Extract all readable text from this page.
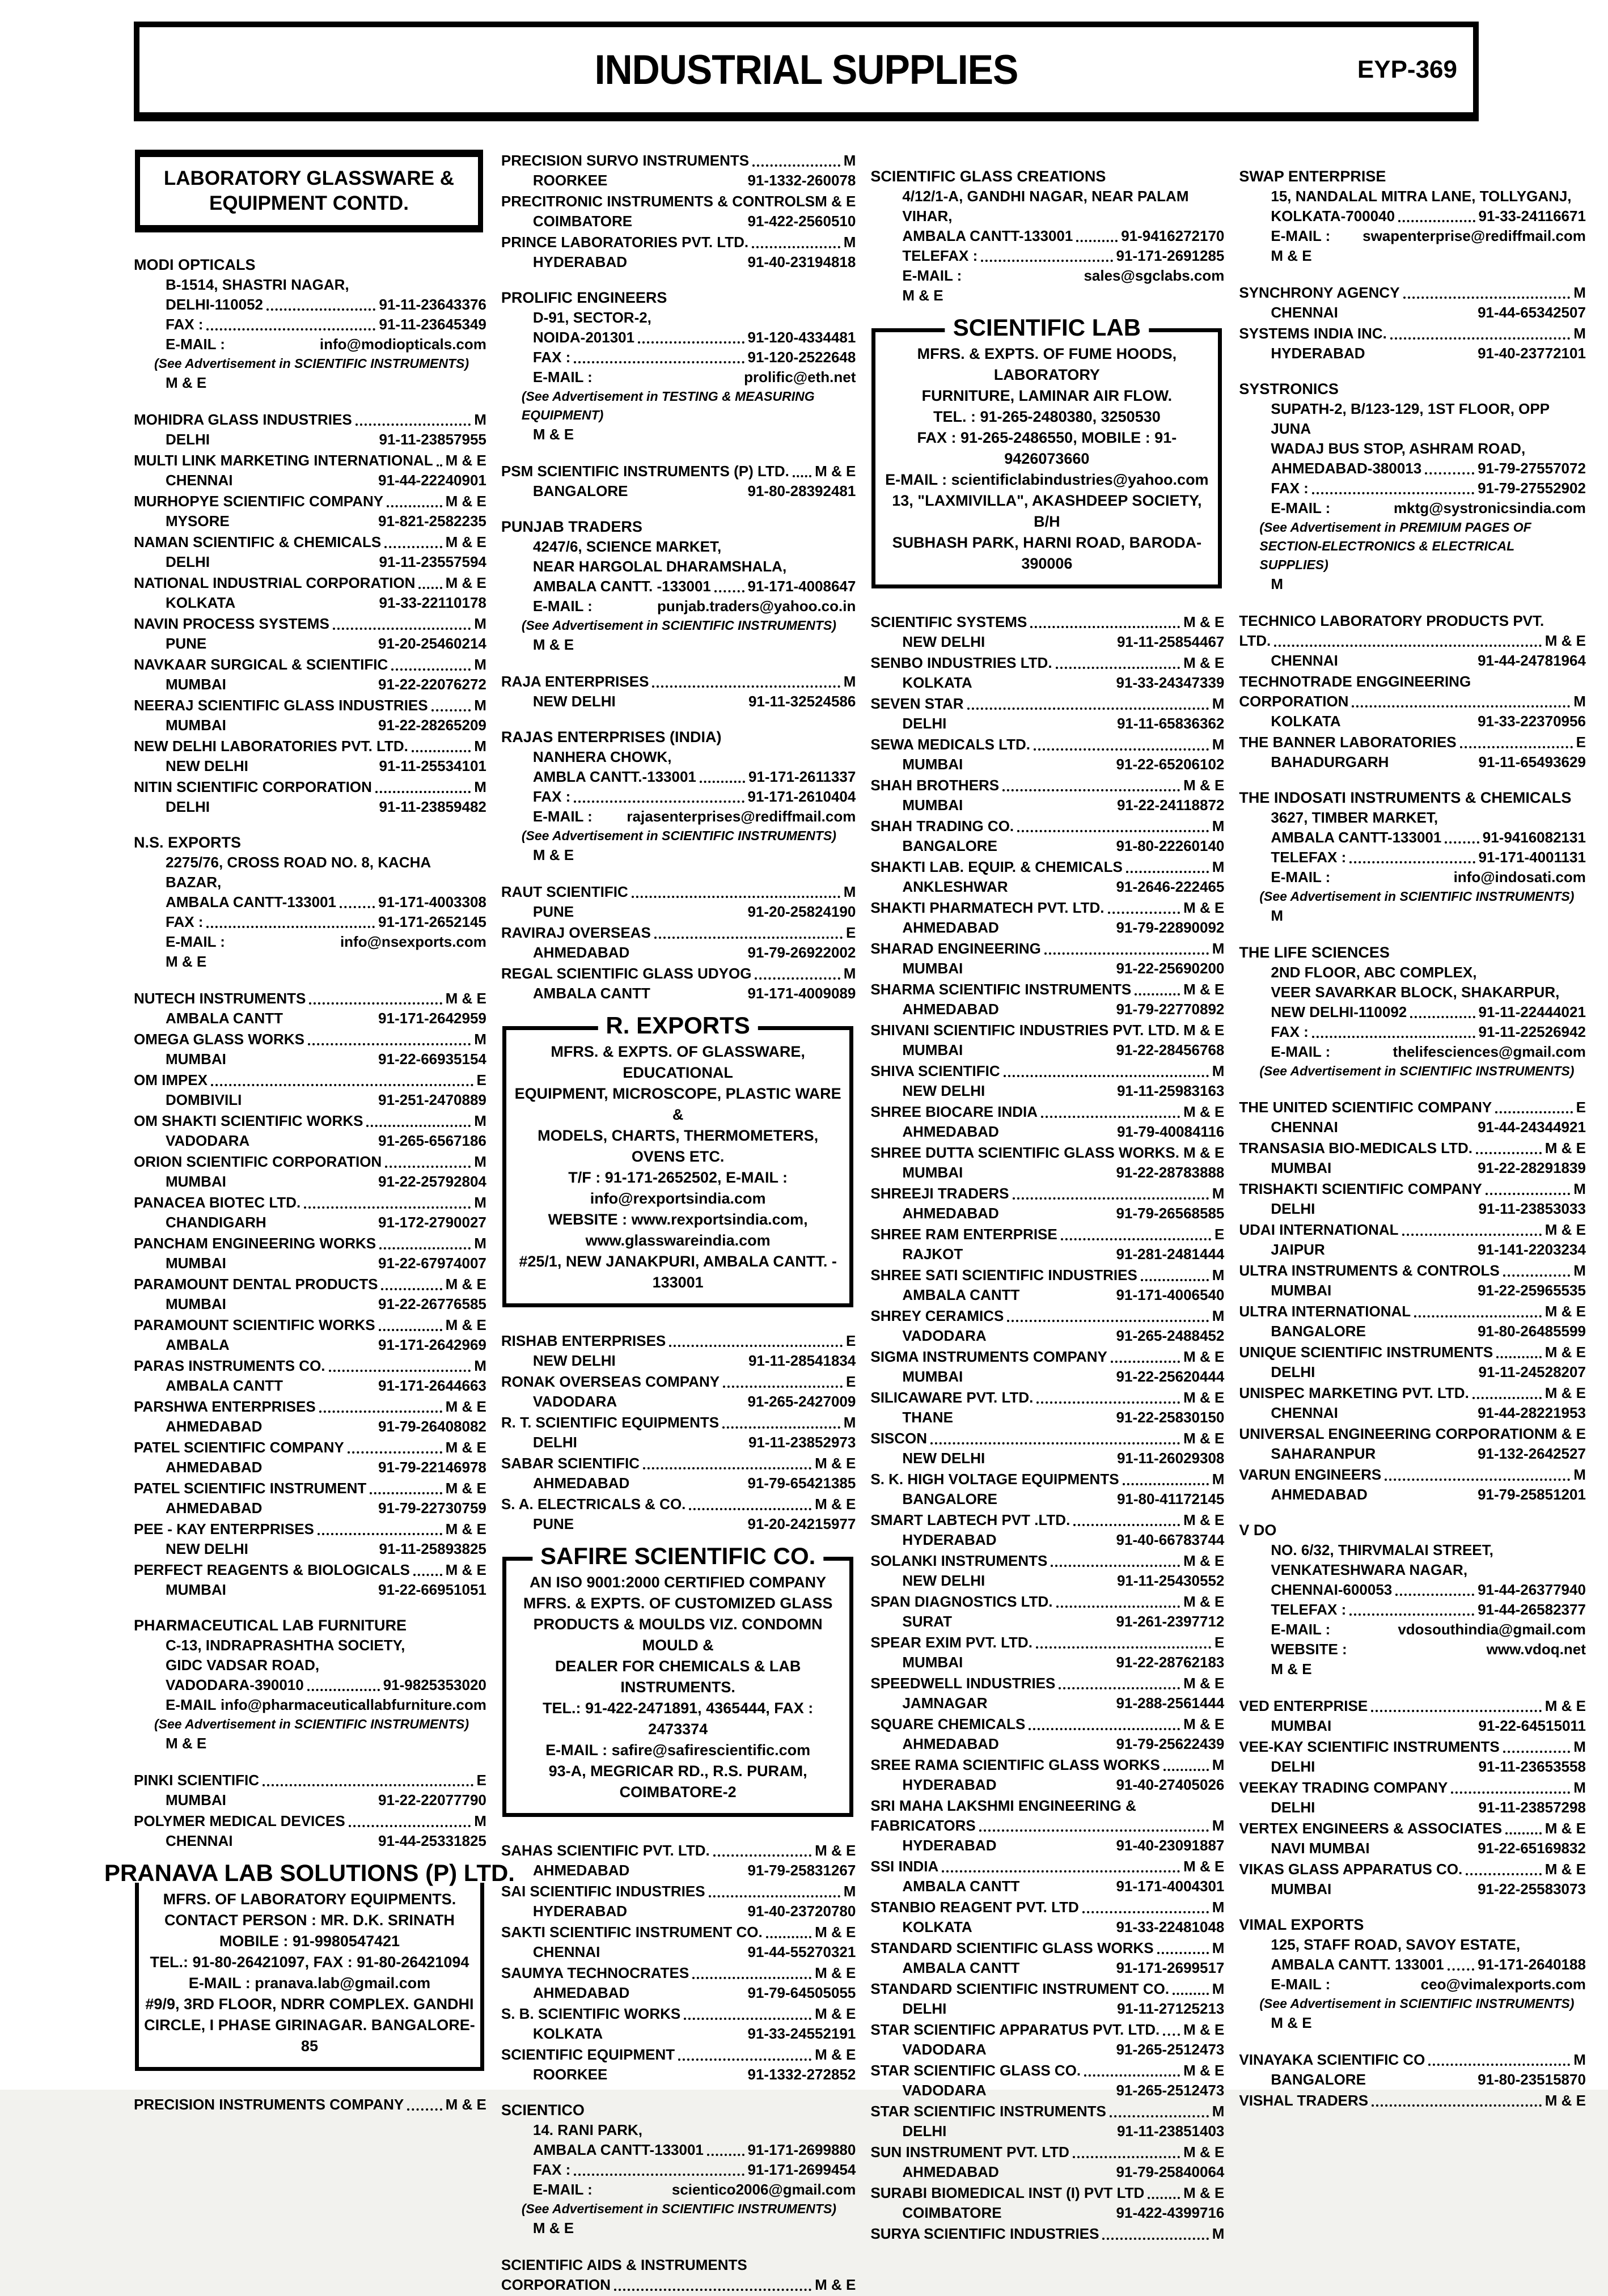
INDUSTRIAL SUPPLIES	EYP-369
LABORATORY GLASSWARE &
EQUIPMENT CONTD.
MODI OPTICALS
B-1514, SHASTRI NAGAR,
DELHI-110052	91-11-23643376
FAX :	91-11-23645349
E-MAIL :	info@modiopticals.com
(See Advertisement in SCIENTIFIC INSTRUMENTS)
M & E
MOHIDRA GLASS INDUSTRIES	M
DELHI	91-11-23857955
MULTI LINK MARKETING INTERNATIONAL M & E
CHENNAI	91-44-22240901
MURHOPYE SCIENTIFIC COMPANY	M & E
MYSORE	91-821-2582235
NAMAN SCIENTIFIC & CHEMICALS	M & E
DELHI	91-11-23557594
NATIONAL INDUSTRIAL CORPORATION M & E
KOLKATA	91-33-22110178
NAVIN PROCESS SYSTEMS	M
PUNE	91-20-25460214
NAVKAAR SURGICAL & SCIENTIFIC	M
MUMBAI	91-22-22076272
NEERAJ SCIENTIFIC GLASS INDUSTRIES	M
MUMBAI	91-22-28265209
NEW DELHI LABORATORIES PVT. LTD.	M
NEW DELHI	91-11-25534101
NITIN SCIENTIFIC CORPORATION	M
DELHI	91-11-23859482
N.S. EXPORTS
2275/76, CROSS ROAD NO. 8, KACHA BAZAR,
AMBALA CANTT-133001	91-171-4003308
FAX :	91-171-2652145
E-MAIL :	info@nsexports.com
M & E
NUTECH INSTRUMENTS	M & E
AMBALA CANTT	91-171-2642959
OMEGA GLASS WORKS	M
MUMBAI	91-22-66935154
OM IMPEX	E
DOMBIVILI	91-251-2470889
OM SHAKTI SCIENTIFIC WORKS	M
VADODARA	91-265-6567186
ORION SCIENTIFIC CORPORATION	M
MUMBAI	91-22-25792804
PANACEA BIOTEC LTD.	M
CHANDIGARH	91-172-2790027
PANCHAM ENGINEERING WORKS	M
MUMBAI	91-22-67974007
PARAMOUNT DENTAL PRODUCTS	M & E
MUMBAI	91-22-26776585
PARAMOUNT SCIENTIFIC WORKS	M & E
AMBALA	91-171-2642969
PARAS INSTRUMENTS CO.	M
AMBALA CANTT	91-171-2644663
PARSHWA ENTERPRISES	M & E
AHMEDABAD	91-79-26408082
PATEL SCIENTIFIC COMPANY	M & E
AHMEDABAD	91-79-22146978
PATEL SCIENTIFIC INSTRUMENT	M & E
AHMEDABAD	91-79-22730759
PEE - KAY ENTERPRISES	M & E
NEW DELHI	91-11-25893825
PERFECT REAGENTS & BIOLOGICALS M & E
MUMBAI	91-22-66951051
PHARMACEUTICAL LAB FURNITURE
C-13, INDRAPRASHTHA SOCIETY,
GIDC VADSAR ROAD,
VADODARA-390010	91-9825353020
E-MAIL info@pharmaceuticallabfurniture.com
(See Advertisement in SCIENTIFIC INSTRUMENTS)
M & E
PINKI SCIENTIFIC	E
MUMBAI	91-22-22077790
POLYMER MEDICAL DEVICES	M
CHENNAI	91-44-25331825
PRANAVA LAB SOLUTIONS (P) LTD.
MFRS. OF LABORATORY EQUIPMENTS.
CONTACT PERSON : MR. D.K. SRINATH
MOBILE : 91-9980547421
TEL.: 91-80-26421097, FAX : 91-80-26421094
E-MAIL : pranava.lab@gmail.com
#9/9, 3RD FLOOR, NDRR COMPLEX. GANDHI
CIRCLE, I PHASE GIRINAGAR. BANGALORE-85
PRECISION INSTRUMENTS COMPANY	M & E
PRECISION SURVO INSTRUMENTS	M
ROORKEE	91-1332-260078
PRECITRONIC INSTRUMENTS & CONTROLS M & E
COIMBATORE	91-422-2560510
PRINCE LABORATORIES PVT. LTD.	M
HYDERABAD	91-40-23194818
PROLIFIC ENGINEERS
D-91, SECTOR-2,
NOIDA-201301	91-120-4334481
FAX :	91-120-2522648
E-MAIL :	prolific@eth.net
(See Advertisement in TESTING & MEASURING EQUIPMENT)
M & E
PSM SCIENTIFIC INSTRUMENTS (P) LTD. M & E
BANGALORE	91-80-28392481
PUNJAB TRADERS
4247/6, SCIENCE MARKET,
NEAR HARGOLAL DHARAMSHALA,
AMBALA CANTT. -133001 91-171-4008647
E-MAIL :	punjab.traders@yahoo.co.in
(See Advertisement in SCIENTIFIC INSTRUMENTS)
M & E
RAJA ENTERPRISES	M
NEW DELHI	91-11-32524586
RAJAS ENTERPRISES (INDIA)
NANHERA CHOWK,
AMBLA CANTT.-133001	91-171-2611337
FAX :	91-171-2610404
E-MAIL : rajasenterprises@rediffmail.com
(See Advertisement in SCIENTIFIC INSTRUMENTS)
M & E
RAUT SCIENTIFIC	M
PUNE	91-20-25824190
RAVIRAJ OVERSEAS	E
AHMEDABAD	91-79-26922002
REGAL SCIENTIFIC GLASS UDYOG	M
AMBALA CANTT	91-171-4009089
R. EXPORTS
MFRS. & EXPTS. OF GLASSWARE, EDUCATIONAL
EQUIPMENT, MICROSCOPE, PLASTIC WARE &
MODELS, CHARTS, THERMOMETERS, OVENS ETC.
T/F : 91-171-2652502, E-MAIL : info@rexportsindia.com
WEBSITE : www.rexportsindia.com,
www.glasswareindia.com
#25/1, NEW JANAKPURI, AMBALA CANTT. - 133001
RISHAB ENTERPRISES	E
NEW DELHI	91-11-28541834
RONAK OVERSEAS COMPANY	E
VADODARA	91-265-2427009
R. T. SCIENTIFIC EQUIPMENTS	M
DELHI	91-11-23852973
SABAR SCIENTIFIC	M & E
AHMEDABAD	91-79-65421385
S. A. ELECTRICALS & CO.	M & E
PUNE	91-20-24215977
SAFIRE SCIENTIFIC CO.
AN ISO 9001:2000 CERTIFIED COMPANY
MFRS. & EXPTS. OF CUSTOMIZED GLASS
PRODUCTS & MOULDS VIZ. CONDOMN MOULD &
DEALER FOR CHEMICALS & LAB INSTRUMENTS.
TEL.: 91-422-2471891, 4365444, FAX : 2473374
E-MAIL : safire@safirescientific.com
93-A, MEGRICAR RD., R.S. PURAM, COIMBATORE-2
SAHAS SCIENTIFIC PVT. LTD.	M & E
AHMEDABAD	91-79-25831267
SAI SCIENTIFIC INDUSTRIES	M
HYDERABAD	91-40-23720780
SAKTI SCIENTIFIC INSTRUMENT CO.	M & E
CHENNAI	91-44-55270321
SAUMYA TECHNOCRATES	M & E
AHMEDABAD	91-79-64505055
S. B. SCIENTIFIC WORKS	M & E
KOLKATA	91-33-24552191
SCIENTIFIC EQUIPMENT	M & E
ROORKEE	91-1332-272852
SCIENTICO
14. RANI PARK,
AMBALA CANTT-133001	91-171-2699880
FAX :	91-171-2699454
E-MAIL :	scientico2006@gmail.com
(See Advertisement in SCIENTIFIC INSTRUMENTS)
M & E
SCIENTIFIC AIDS & INSTRUMENTS
CORPORATION	M & E
SCIENTIFIC GLASS CREATIONS
4/12/1-A, GANDHI NAGAR, NEAR PALAM VIHAR,
AMBALA CANTT-133001	91-9416272170
TELEFAX :	91-171-2691285
E-MAIL :	sales@sgclabs.com
M & E
SCIENTIFIC LAB
MFRS. & EXPTS. OF FUME HOODS, LABORATORY
FURNITURE, LAMINAR AIR FLOW.
TEL. : 91-265-2480380, 3250530
FAX : 91-265-2486550, MOBILE : 91-9426073660
E-MAIL : scientificlabindustries@yahoo.com
13, "LAXMIVILLA", AKASHDEEP SOCIETY, B/H
SUBHASH PARK, HARNI ROAD, BARODA-390006
SCIENTIFIC SYSTEMS	M & E
NEW DELHI	91-11-25854467
SENBO INDUSTRIES LTD.	M & E
KOLKATA	91-33-24347339
SEVEN STAR	M
DELHI	91-11-65836362
SEWA MEDICALS LTD.	M
MUMBAI	91-22-65206102
SHAH BROTHERS	M & E
MUMBAI	91-22-24118872
SHAH TRADING CO.	M
BANGALORE	91-80-22260140
SHAKTI LAB. EQUIP. & CHEMICALS	M
ANKLESHWAR	91-2646-222465
SHAKTI PHARMATECH PVT. LTD.	M & E
AHMEDABAD	91-79-22890092
SHARAD ENGINEERING	M
MUMBAI	91-22-25690200
SHARMA SCIENTIFIC INSTRUMENTS	M & E
AHMEDABAD	91-79-22770892
SHIVANI SCIENTIFIC INDUSTRIES PVT. LTD. M & E
MUMBAI	91-22-28456768
SHIVA SCIENTIFIC	M
NEW DELHI	91-11-25983163
SHREE BIOCARE INDIA	M & E
AHMEDABAD	91-79-40084116
SHREE DUTTA SCIENTIFIC GLASS WORKS . M & E
MUMBAI	91-22-28783888
SHREEJI TRADERS	M
AHMEDABAD	91-79-26568585
SHREE RAM ENTERPRISE	E
RAJKOT	91-281-2481444
SHREE SATI SCIENTIFIC INDUSTRIES	M
AMBALA CANTT	91-171-4006540
SHREY CERAMICS	M
VADODARA	91-265-2488452
SIGMA INSTRUMENTS COMPANY	M & E
MUMBAI	91-22-25620444
SILICAWARE PVT. LTD.	M & E
THANE	91-22-25830150
SISCON	M & E
NEW DELHI	91-11-26029308
S. K. HIGH VOLTAGE EQUIPMENTS	M
BANGALORE	91-80-41172145
SMART LABTECH PVT .LTD.	M & E
HYDERABAD	91-40-66783744
SOLANKI INSTRUMENTS	M & E
NEW DELHI	91-11-25430552
SPAN DIAGNOSTICS LTD.	M & E
SURAT	91-261-2397712
SPEAR EXIM PVT. LTD.	E
MUMBAI	91-22-28762183
SPEEDWELL INDUSTRIES	M & E
JAMNAGAR	91-288-2561444
SQUARE CHEMICALS	M & E
AHMEDABAD	91-79-25622439
SREE RAMA SCIENTIFIC GLASS WORKS	M
HYDERABAD	91-40-27405026
SRI MAHA LAKSHMI ENGINEERING &
FABRICATORS	M
HYDERABAD	91-40-23091887
SSI INDIA	M & E
AMBALA CANTT	91-171-4004301
STANBIO REAGENT PVT. LTD	M
KOLKATA	91-33-22481048
STANDARD SCIENTIFIC GLASS WORKS	M
AMBALA CANTT	91-171-2699517
STANDARD SCIENTIFIC INSTRUMENT CO.	M
DELHI	91-11-27125213
STAR SCIENTIFIC APPARATUS PVT. LTD. M & E
VADODARA	91-265-2512473
STAR SCIENTIFIC GLASS CO.	M & E
VADODARA	91-265-2512473
STAR SCIENTIFIC INSTRUMENTS	M
DELHI	91-11-23851403
SUN INSTRUMENT PVT. LTD	M & E
AHMEDABAD	91-79-25840064
SURABI BIOMEDICAL INST (I) PVT LTD	M & E
COIMBATORE	91-422-4399716
SURYA SCIENTIFIC INDUSTRIES	M
SWAP ENTERPRISE
15, NANDALAL MITRA LANE, TOLLYGANJ,
KOLKATA-700040	91-33-24116671
E-MAIL : swapenterprise@rediffmail.com
M & E
SYNCHRONY AGENCY	M
CHENNAI	91-44-65342507
SYSTEMS INDIA INC.	M
HYDERABAD	91-40-23772101
SYSTRONICS
SUPATH-2, B/123-129, 1ST FLOOR, OPP JUNA
WADAJ BUS STOP, ASHRAM ROAD,
AHMEDABAD-380013	91-79-27557072
FAX :	91-79-27552902
E-MAIL :	mktg@systronicsindia.com
(See Advertisement in PREMIUM PAGES OF SECTION-ELECTRONICS & ELECTRICAL SUPPLIES)
M
TECHNICO LABORATORY PRODUCTS PVT.
LTD.	M & E
CHENNAI	91-44-24781964
TECHNOTRADE ENGGINEERING
CORPORATION	M
KOLKATA	91-33-22370956
THE BANNER LABORATORIES	E
BAHADURGARH	91-11-65493629
THE INDOSATI INSTRUMENTS & CHEMICALS
3627, TIMBER MARKET,
AMBALA CANTT-133001	91-9416082131
TELEFAX :	91-171-4001131
E-MAIL :	info@indosati.com
(See Advertisement in SCIENTIFIC INSTRUMENTS)
M
THE LIFE SCIENCES
2ND FLOOR, ABC COMPLEX,
VEER SAVARKAR BLOCK, SHAKARPUR,
NEW DELHI-110092	91-11-22444021
FAX :	91-11-22526942
E-MAIL :	thelifesciences@gmail.com
(See Advertisement in SCIENTIFIC INSTRUMENTS)
THE UNITED SCIENTIFIC COMPANY	E
CHENNAI	91-44-24344921
TRANSASIA BIO-MEDICALS LTD.	M & E
MUMBAI	91-22-28291839
TRISHAKTI SCIENTIFIC COMPANY	M
DELHI	91-11-23853033
UDAI INTERNATIONAL	M & E
JAIPUR	91-141-2203234
ULTRA INSTRUMENTS & CONTROLS	M
MUMBAI	91-22-25965535
ULTRA INTERNATIONAL	M & E
BANGALORE	91-80-26485599
UNIQUE SCIENTIFIC INSTRUMENTS	M & E
DELHI	91-11-24528207
UNISPEC MARKETING PVT. LTD.	M & E
CHENNAI	91-44-28221953
UNIVERSAL ENGINEERING CORPORATION M & E
SAHARANPUR	91-132-2642527
VARUN ENGINEERS	M
AHMEDABAD	91-79-25851201
V DO
NO. 6/32, THIRVMALAI STREET,
VENKATESHWARA NAGAR,
CHENNAI-600053	91-44-26377940
TELEFAX :	91-44-26582377
E-MAIL :	vdosouthindia@gmail.com
WEBSITE :	www.vdoq.net
M & E
VED ENTERPRISE	M & E
MUMBAI	91-22-64515011
VEE-KAY SCIENTIFIC INSTRUMENTS	M
DELHI	91-11-23653558
VEEKAY TRADING COMPANY	M
DELHI	91-11-23857298
VERTEX ENGINEERS & ASSOCIATES	M & E
NAVI MUMBAI	91-22-65169832
VIKAS GLASS APPARATUS CO.	M & E
MUMBAI	91-22-25583073
VIMAL EXPORTS
125, STAFF ROAD, SAVOY ESTATE,
AMBALA CANTT. 133001 91-171-2640188
E-MAIL :	ceo@vimalexports.com
(See Advertisement in SCIENTIFIC INSTRUMENTS)
M & E
VINAYAKA SCIENTIFIC CO	M
BANGALORE	91-80-23515870
VISHAL TRADERS	M & E
